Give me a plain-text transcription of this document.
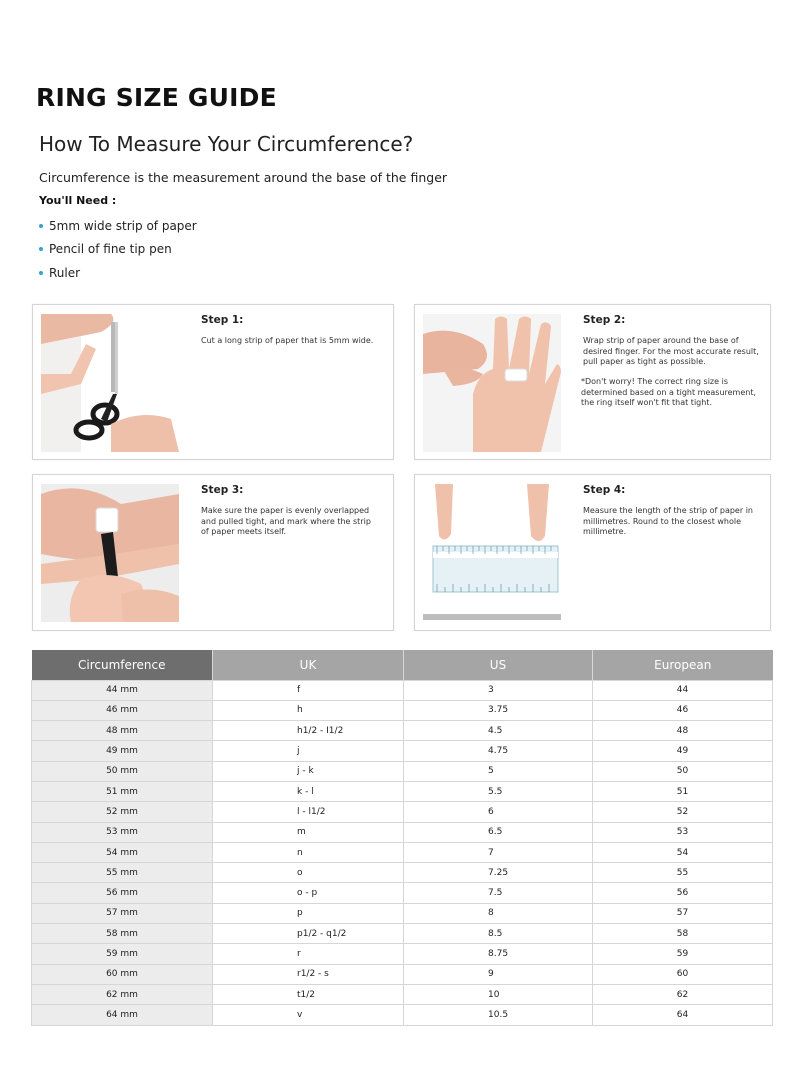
RING SIZE GUIDE
How To Measure Your Circumference?
Circumference is the measurement around the base of the finger
You'll Need :
5mm wide strip of paper
Pencil of fine tip pen
Ruler
Step 1:
Cut a long strip of paper that is 5mm wide.
Step 2:
Wrap strip of paper around the base of desired finger. For the most accurate result, pull paper as tight as possible.
*Don't worry! The correct ring size is determined based on a tight measurement, the ring itself won't fit that tight.
Step 3:
Make sure the paper is evenly overlapped and pulled tight, and mark where the strip of paper meets itself.
Step 4:
Measure the length of the strip of paper in millimetres. Round to the closest whole millimetre.
Circumference	UK	US	European
44 mm	f	3	44
46 mm	h	3.75	46
48 mm	h1/2 - I1/2	4.5	48
49 mm	j	4.75	49
50 mm	j - k	5	50
51 mm	k - l	5.5	51
52 mm	l - l1/2	6	52
53 mm	m	6.5	53
54 mm	n	7	54
55 mm	o	7.25	55
56 mm	o - p	7.5	56
57 mm	p	8	57
58 mm	p1/2 - q1/2	8.5	58
59 mm	r	8.75	59
60 mm	r1/2 - s	9	60
62 mm	t1/2	10	62
64 mm	v	10.5	64
